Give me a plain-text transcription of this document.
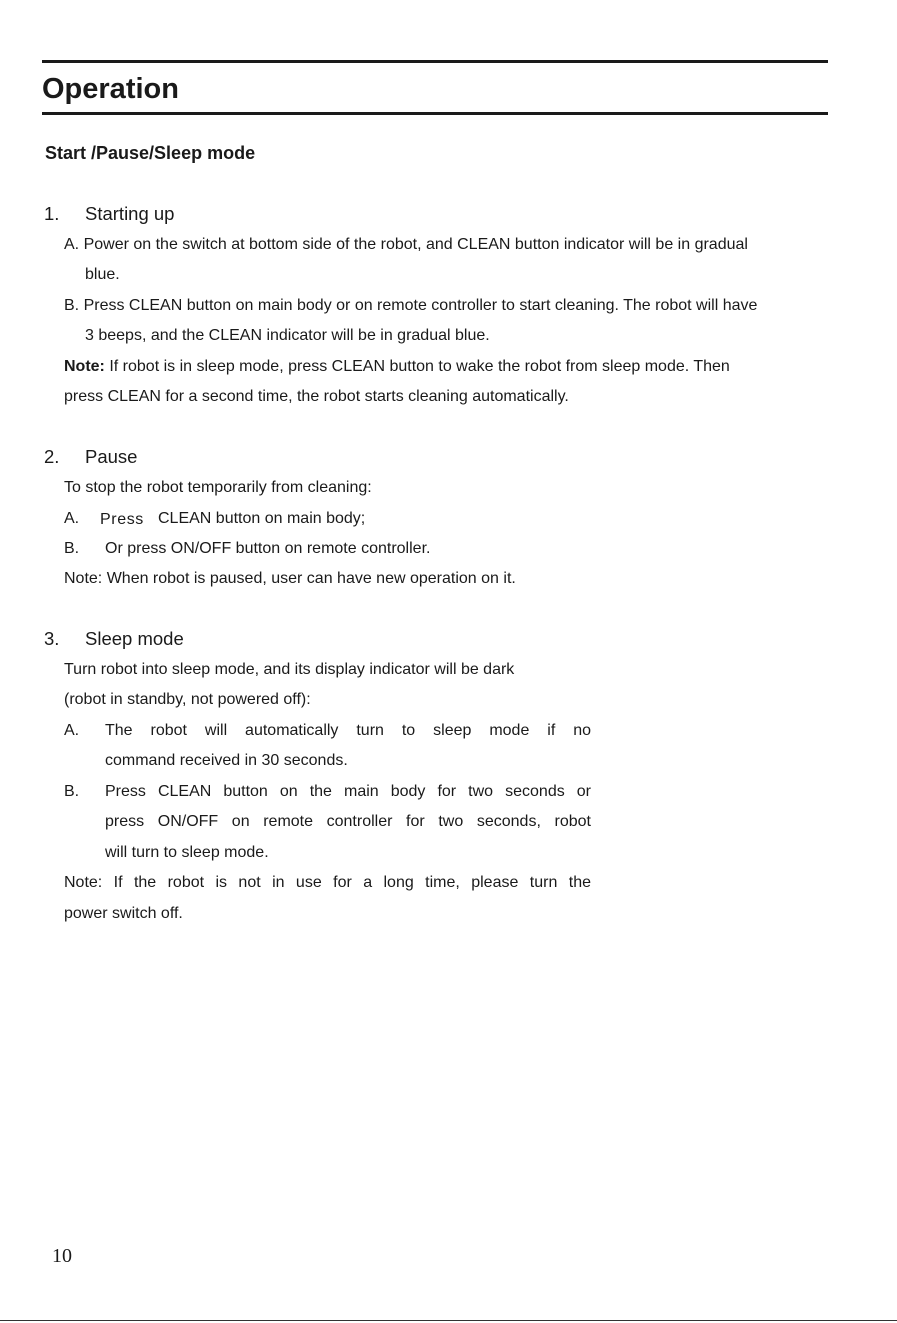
Operation
Start /Pause/Sleep mode
1. Starting up
A. Power on the switch at bottom side of the robot, and CLEAN button indicator will be in gradual
blue.
B. Press CLEAN button on main body or on remote controller to start cleaning. The robot will have
3 beeps, and the CLEAN indicator will be in gradual blue.
Note: If robot is in sleep mode, press CLEAN button to wake the robot from sleep mode. Then
press CLEAN for a second time, the robot starts cleaning automatically.
2. Pause
To stop the robot temporarily from cleaning:
A. Press CLEAN button on main body;
B. Or press ON/OFF button on remote controller.
Note: When robot is paused, user can have new operation on it.
3. Sleep mode
Turn robot into sleep mode, and its display indicator will be dark
(robot in standby, not powered off):
A. The robot will automatically turn to sleep mode if no
command received in 30 seconds.
B. Press CLEAN button on the main body for two seconds or
press ON/OFF on remote controller for two seconds, robot
will turn to sleep mode.
Note: If the robot is not in use for a long time, please turn the
power switch off.
10
